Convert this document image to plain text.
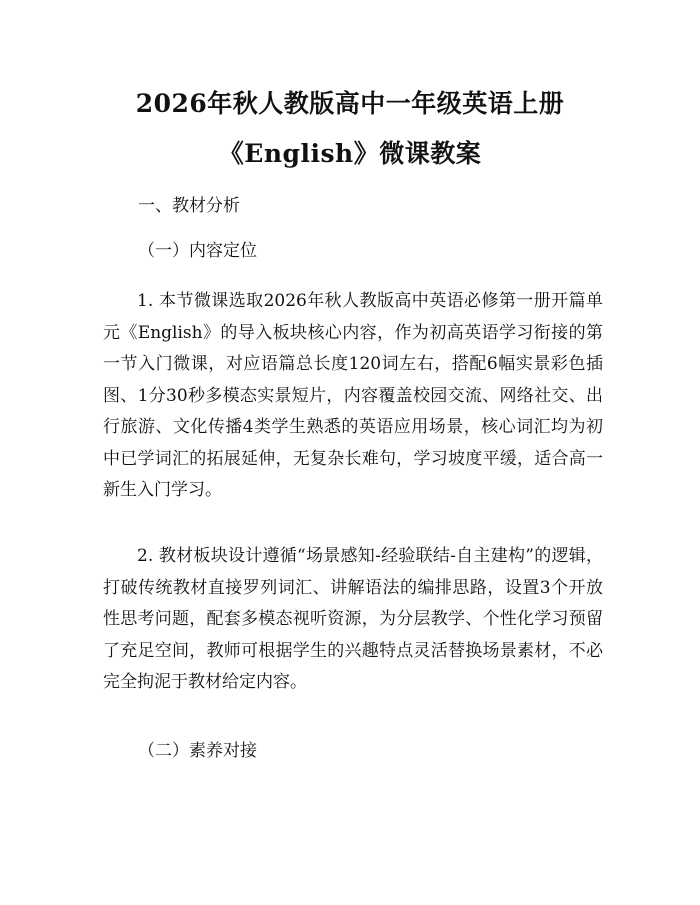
2026年秋人教版高中一年级英语上册
《English》微课教案
一、教材分析
（一）内容定位

1. 本节微课选取2026年秋人教版高中英语必修第一册开篇单元《English》的导入板块核心内容，作为初高英语学习衔接的第一节入门微课，对应语篇总长度120词左右，搭配6幅实景彩色插图、1分30秒多模态实景短片，内容覆盖校园交流、网络社交、出行旅游、文化传播4类学生熟悉的英语应用场景，核心词汇均为初中已学词汇的拓展延伸，无复杂长难句，学习坡度平缓，适合高一新生入门学习。

2. 教材板块设计遵循“场景感知-经验联结-自主建构”的逻辑，打破传统教材直接罗列词汇、讲解语法的编排思路，设置3个开放性思考问题，配套多模态视听资源，为分层教学、个性化学习预留了充足空间，教师可根据学生的兴趣特点灵活替换场景素材，不必完全拘泥于教材给定内容。

（二）素养对接
